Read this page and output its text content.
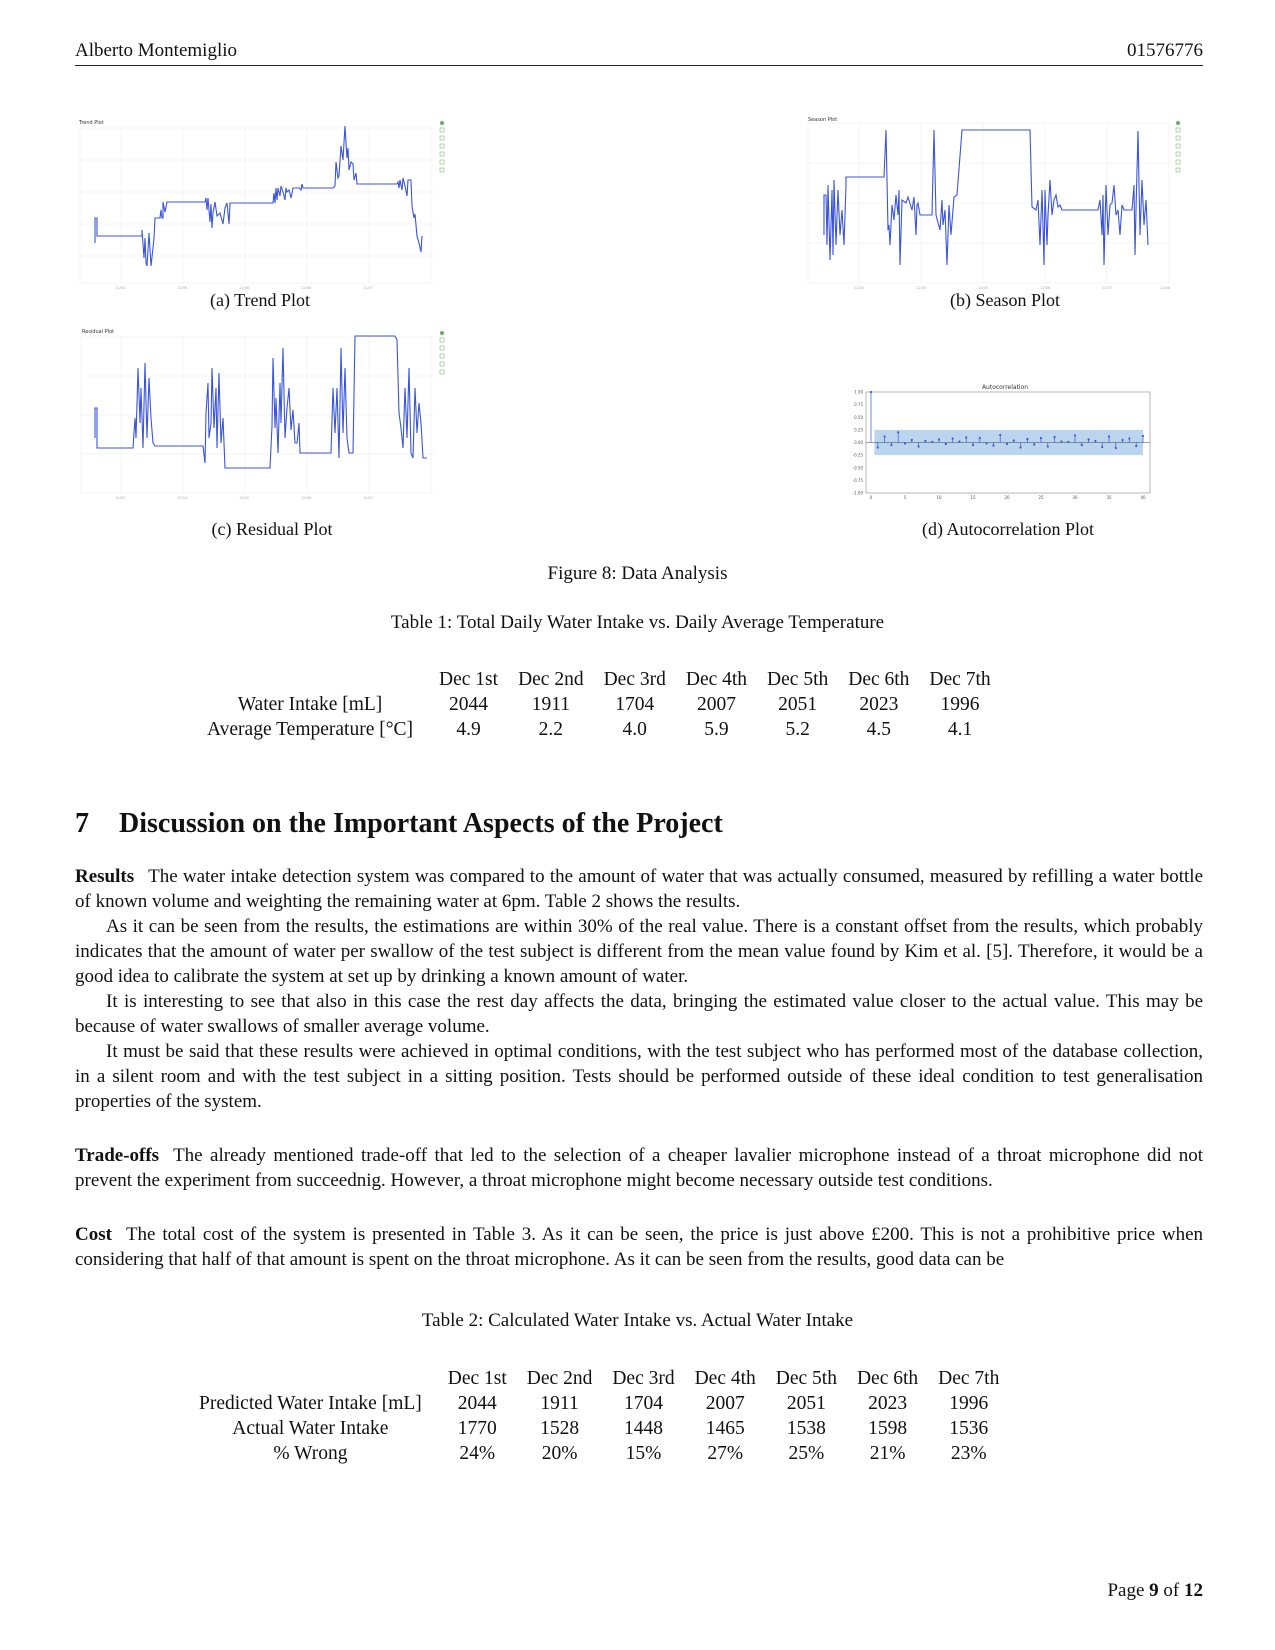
Alberto Montemiglio	01576776
Trend Plot
12/05	12/06	12/06	12/06	12/07
(a) Trend Plot
Season Plot
12/04	12/05	12/05	12/06	12/07	12/08
(b) Season Plot
Residual Plot
12/03	12/04	12/05	12/06	12/07
(c) Residual Plot
Autocorrelation
1.00
0.75
0.50
0.25
0.00
-0.25
-0.50
-0.75
-1.00
0	5	10	15	20	25	30	35	40
(d) Autocorrelation Plot
Figure 8: Data Analysis
Table 1: Total Daily Water Intake vs. Daily Average Temperature
	Dec 1st	Dec 2nd	Dec 3rd	Dec 4th	Dec 5th	Dec 6th	Dec 7th
Water Intake [mL]	2044	1911	1704	2007	2051	2023	1996
Average Temperature [°C]	4.9	2.2	4.0	5.9	5.2	4.5	4.1
7 Discussion on the Important Aspects of the Project

Results The water intake detection system was compared to the amount of water that was actually consumed, measured by refilling a water bottle of known volume and weighting the remaining water at 6pm. Table 2 shows the results.

As it can be seen from the results, the estimations are within 30% of the real value. There is a constant offset from the results, which probably indicates that the amount of water per swallow of the test subject is different from the mean value found by Kim et al. [5]. Therefore, it would be a good idea to calibrate the system at set up by drinking a known amount of water.

It is interesting to see that also in this case the rest day affects the data, bringing the estimated value closer to the actual value. This may be because of water swallows of smaller average volume.

It must be said that these results were achieved in optimal conditions, with the test subject who has performed most of the database collection, in a silent room and with the test subject in a sitting position. Tests should be performed outside of these ideal condition to test generalisation properties of the system.

Trade-offs The already mentioned trade-off that led to the selection of a cheaper lavalier microphone instead of a throat microphone did not prevent the experiment from succeednig. However, a throat microphone might become necessary outside test conditions.

Cost The total cost of the system is presented in Table 3. As it can be seen, the price is just above £200. This is not a prohibitive price when considering that half of that amount is spent on the throat microphone. As it can be seen from the results, good data can be

Table 2: Calculated Water Intake vs. Actual Water Intake
	Dec 1st	Dec 2nd	Dec 3rd	Dec 4th	Dec 5th	Dec 6th	Dec 7th
Predicted Water Intake [mL]	2044	1911	1704	2007	2051	2023	1996
Actual Water Intake	1770	1528	1448	1465	1538	1598	1536
% Wrong	24%	20%	15%	27%	25%	21%	23%
Page 9 of 12
